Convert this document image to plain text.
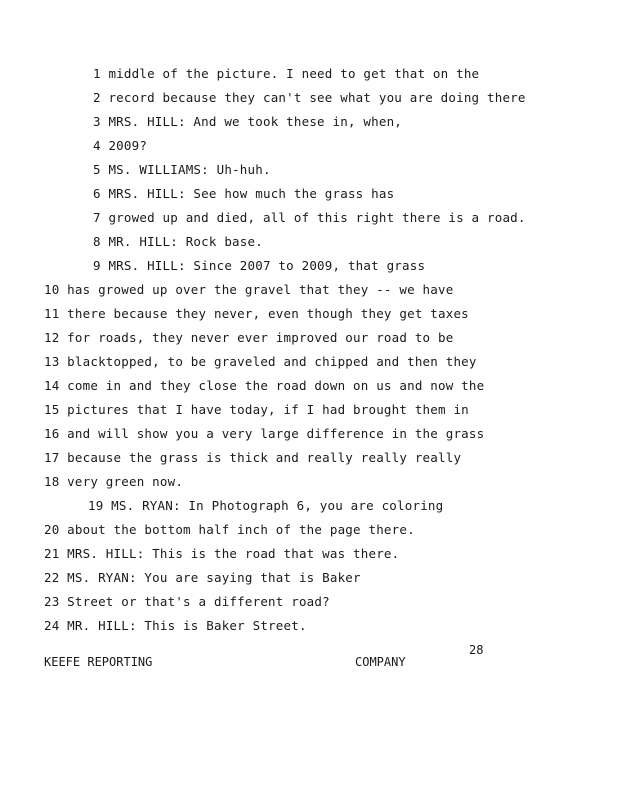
1 middle of the picture. I need to get that on the
2 record because they can't see what you are doing there
3 MRS. HILL: And we took these in, when,
4 2009?
5 MS. WILLIAMS: Uh-huh.
6 MRS. HILL: See how much the grass has
7 growed up and died, all of this right there is a road.
8 MR. HILL: Rock base.
9 MRS. HILL: Since 2007 to 2009, that grass
10 has growed up over the gravel that they -- we have
11 there because they never, even though they get taxes
12 for roads, they never ever improved our road to be
13 blacktopped, to be graveled and chipped and then they
14 come in and they close the road down on us and now the
15 pictures that I have today, if I had brought them in
16 and will show you a very large difference in the grass
17 because the grass is thick and really really really
18 very green now.
19 MS. RYAN: In Photograph 6, you are coloring
20 about the bottom half inch of the page there.
21 MRS. HILL: This is the road that was there.
22 MS. RYAN: You are saying that is Baker
23 Street or that's a different road?
24 MR. HILL: This is Baker Street.
28
KEEFE REPORTING	COMPANY
